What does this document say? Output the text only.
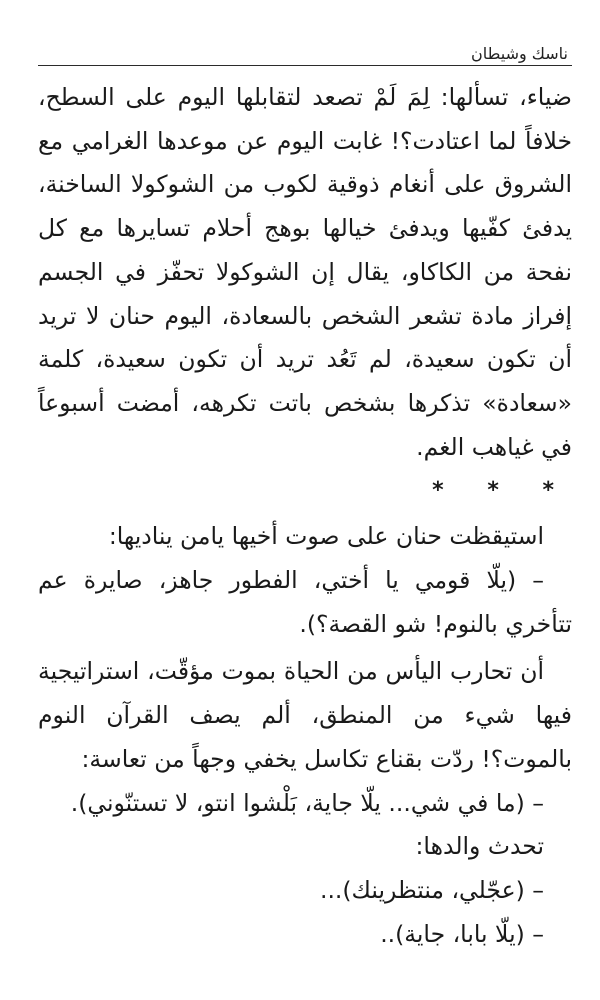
ناسك وشيطان

ضياء، تسألها: لِمَ لَمْ تصعد لتقابلها اليوم على السطح، خلافاً لما اعتادت؟! غابت اليوم عن موعدها الغرامي مع الشروق على أنغام ذوقية لكوب من الشوكولا الساخنة، يدفئ كفّيها ويدفئ خيالها بوهج أحلام تسايرها مع كل نفحة من الكاكاو، يقال إن الشوكولا تحفّز في الجسم إفراز مادة تشعر الشخص بالسعادة، اليوم حنان لا تريد أن تكون سعيدة، لم تَعُد تريد أن تكون سعيدة، كلمة «سعادة» تذكرها بشخص باتت تكرهه، أمضت أسبوعاً في غياهب الغم.

* * *

استيقظت حنان على صوت أخيها يامن يناديها:

– (يلّا قومي يا أختي، الفطور جاهز، صايرة عم تتأخري بالنوم! شو القصة؟).

أن تحارب اليأس من الحياة بموت مؤقّت، استراتيجية فيها شيء من المنطق، ألم يصف القرآن النوم بالموت؟! ردّت بقناع تكاسل يخفي وجهاً من تعاسة:

– (ما في شي... يلّا جاية، بَلْشوا انتو، لا تستنّوني).

تحدث والدها:

– (عجّلي، منتظرينك)...

– (يلّا بابا، جاية)..
